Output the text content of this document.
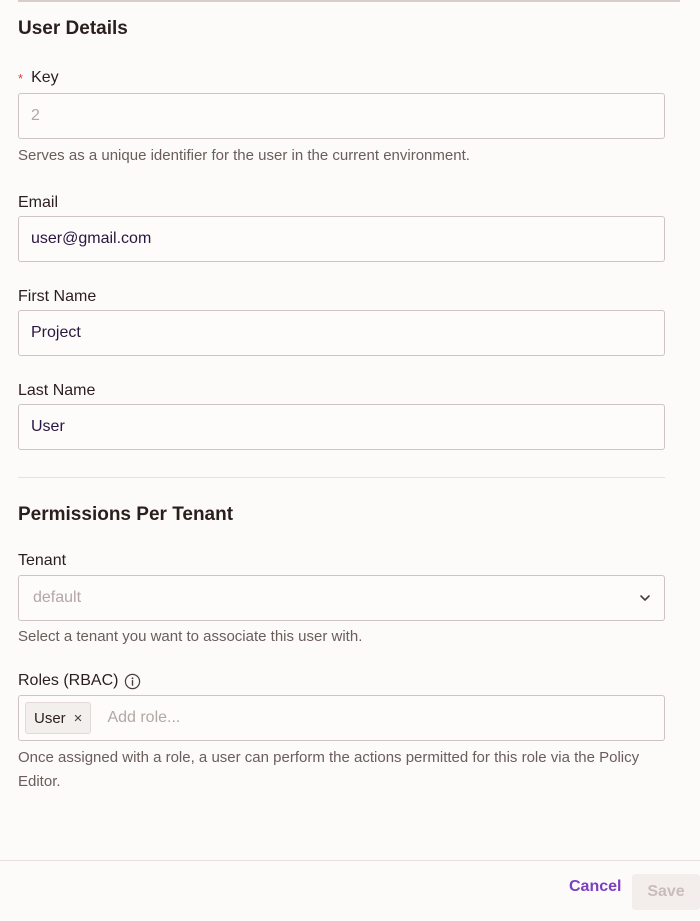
User Details
* Key
2
Serves as a unique identifier for the user in the current environment.
Email
user@gmail.com
First Name
Project
Last Name
User
Permissions Per Tenant
Tenant
default
Select a tenant you want to associate this user with.
Roles (RBAC)
User × Add role...
Once assigned with a role, a user can perform the actions permitted for this role via the Policy Editor.
Cancel	Save
